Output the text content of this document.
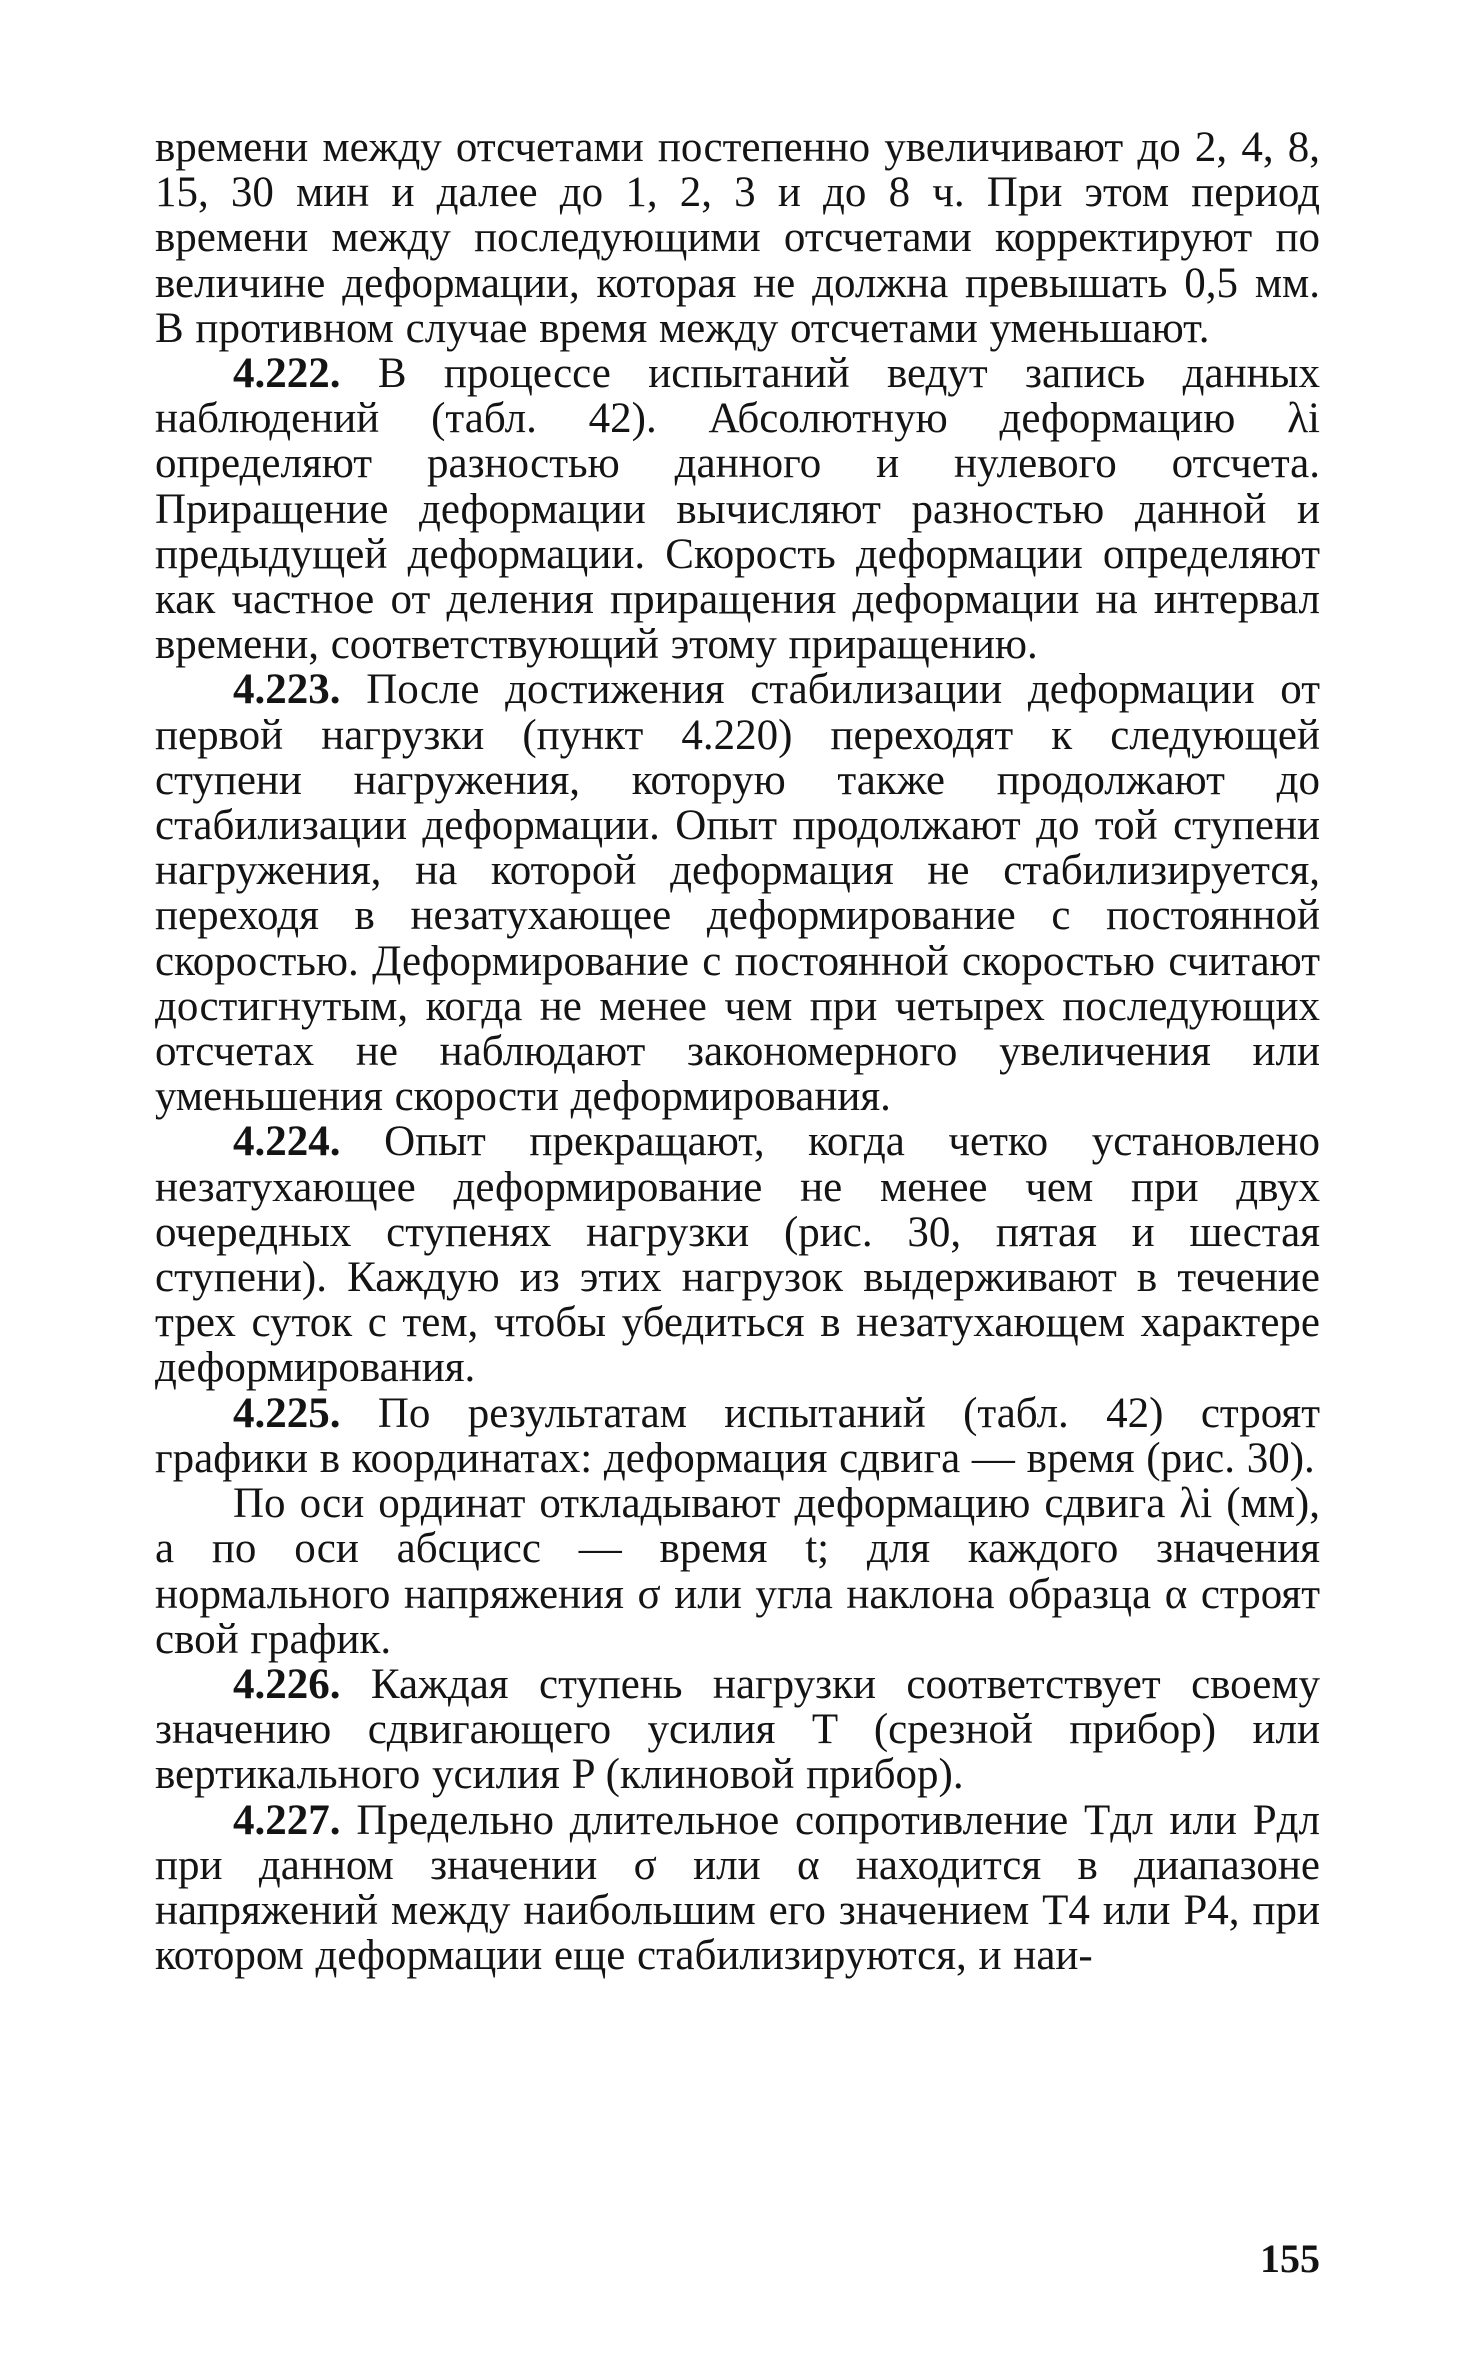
времени между отсчетами постепенно увеличивают до 2, 4, 8, 15, 30 мин и далее до 1, 2, 3 и до 8 ч. При этом период времени между последующими отсчетами корректируют по величине деформации, которая не должна превышать 0,5 мм. В противном случае время между отсчетами уменьшают.

4.222. В процессе испытаний ведут запись данных наблюдений (табл. 42). Абсолютную деформацию λi определяют разностью данного и нулевого отсчета. Приращение деформации вычисляют разностью данной и предыдущей деформации. Скорость деформации определяют как частное от деления приращения деформации на интервал времени, соответствующий этому приращению.

4.223. После достижения стабилизации деформации от первой нагрузки (пункт 4.220) переходят к следующей ступени нагружения, которую также продолжают до стабилизации деформации. Опыт продолжают до той ступени нагружения, на которой деформация не стабилизируется, переходя в незатухающее деформирование с постоянной скоростью. Деформирование с постоянной скоростью считают достигнутым, когда не менее чем при четырех последующих отсчетах не наблюдают закономерного увеличения или уменьшения скорости деформирования.

4.224. Опыт прекращают, когда четко установлено незатухающее деформирование не менее чем при двух очередных ступенях нагрузки (рис. 30, пятая и шестая ступени). Каждую из этих нагрузок выдерживают в течение трех суток с тем, чтобы убедиться в незатухающем характере деформирования.

4.225. По результатам испытаний (табл. 42) строят графики в координатах: деформация сдвига — время (рис. 30).

По оси ординат откладывают деформацию сдвига λi (мм), а по оси абсцисс — время t; для каждого значения нормального напряжения σ или угла наклона образца α строят свой график.

4.226. Каждая ступень нагрузки соответствует своему значению сдвигающего усилия T (срезной прибор) или вертикального усилия P (клиновой прибор).

4.227. Предельно длительное сопротивление Tдл или Pдл при данном значении σ или α находится в диапазоне напряжений между наибольшим его значением T4 или P4, при котором деформации еще стабилизируются, и наи-

155
